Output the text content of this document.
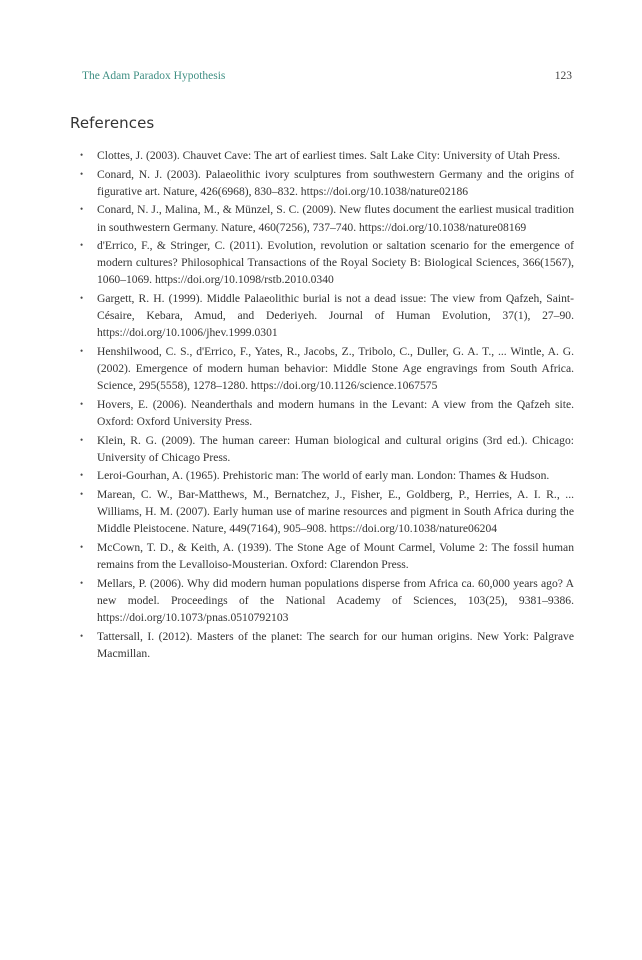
The Adam Paradox Hypothesis	123
References
• Clottes, J. (2003). Chauvet Cave: The art of earliest times. Salt Lake City: University of Utah Press.
• Conard, N. J. (2003). Palaeolithic ivory sculptures from southwestern Germany and the origins of figurative art. Nature, 426(6968), 830–832. https://doi.org/10.1038/nature02186
• Conard, N. J., Malina, M., & Münzel, S. C. (2009). New flutes document the earliest musical tradition in southwestern Germany. Nature, 460(7256), 737–740. https://doi.org/10.1038/nature08169
• d'Errico, F., & Stringer, C. (2011). Evolution, revolution or saltation scenario for the emergence of modern cultures? Philosophical Transactions of the Royal Society B: Biological Sciences, 366(1567), 1060–1069. https://doi.org/10.1098/rstb.2010.0340
• Gargett, R. H. (1999). Middle Palaeolithic burial is not a dead issue: The view from Qafzeh, Saint-Césaire, Kebara, Amud, and Dederiyeh. Journal of Human Evolution, 37(1), 27–90. https://doi.org/10.1006/jhev.1999.0301
• Henshilwood, C. S., d'Errico, F., Yates, R., Jacobs, Z., Tribolo, C., Duller, G. A. T., ... Wintle, A. G. (2002). Emergence of modern human behavior: Middle Stone Age engravings from South Africa. Science, 295(5558), 1278–1280. https://doi.org/10.1126/science.1067575
• Hovers, E. (2006). Neanderthals and modern humans in the Levant: A view from the Qafzeh site. Oxford: Oxford University Press.
• Klein, R. G. (2009). The human career: Human biological and cultural origins (3rd ed.). Chicago: University of Chicago Press.
• Leroi-Gourhan, A. (1965). Prehistoric man: The world of early man. London: Thames & Hudson.
• Marean, C. W., Bar-Matthews, M., Bernatchez, J., Fisher, E., Goldberg, P., Herries, A. I. R., ... Williams, H. M. (2007). Early human use of marine resources and pigment in South Africa during the Middle Pleistocene. Nature, 449(7164), 905–908. https://doi.org/10.1038/nature06204
• McCown, T. D., & Keith, A. (1939). The Stone Age of Mount Carmel, Volume 2: The fossil human remains from the Levalloiso-Mousterian. Oxford: Clarendon Press.
• Mellars, P. (2006). Why did modern human populations disperse from Africa ca. 60,000 years ago? A new model. Proceedings of the National Academy of Sciences, 103(25), 9381–9386. https://doi.org/10.1073/pnas.0510792103
• Tattersall, I. (2012). Masters of the planet: The search for our human origins. New York: Palgrave Macmillan.
